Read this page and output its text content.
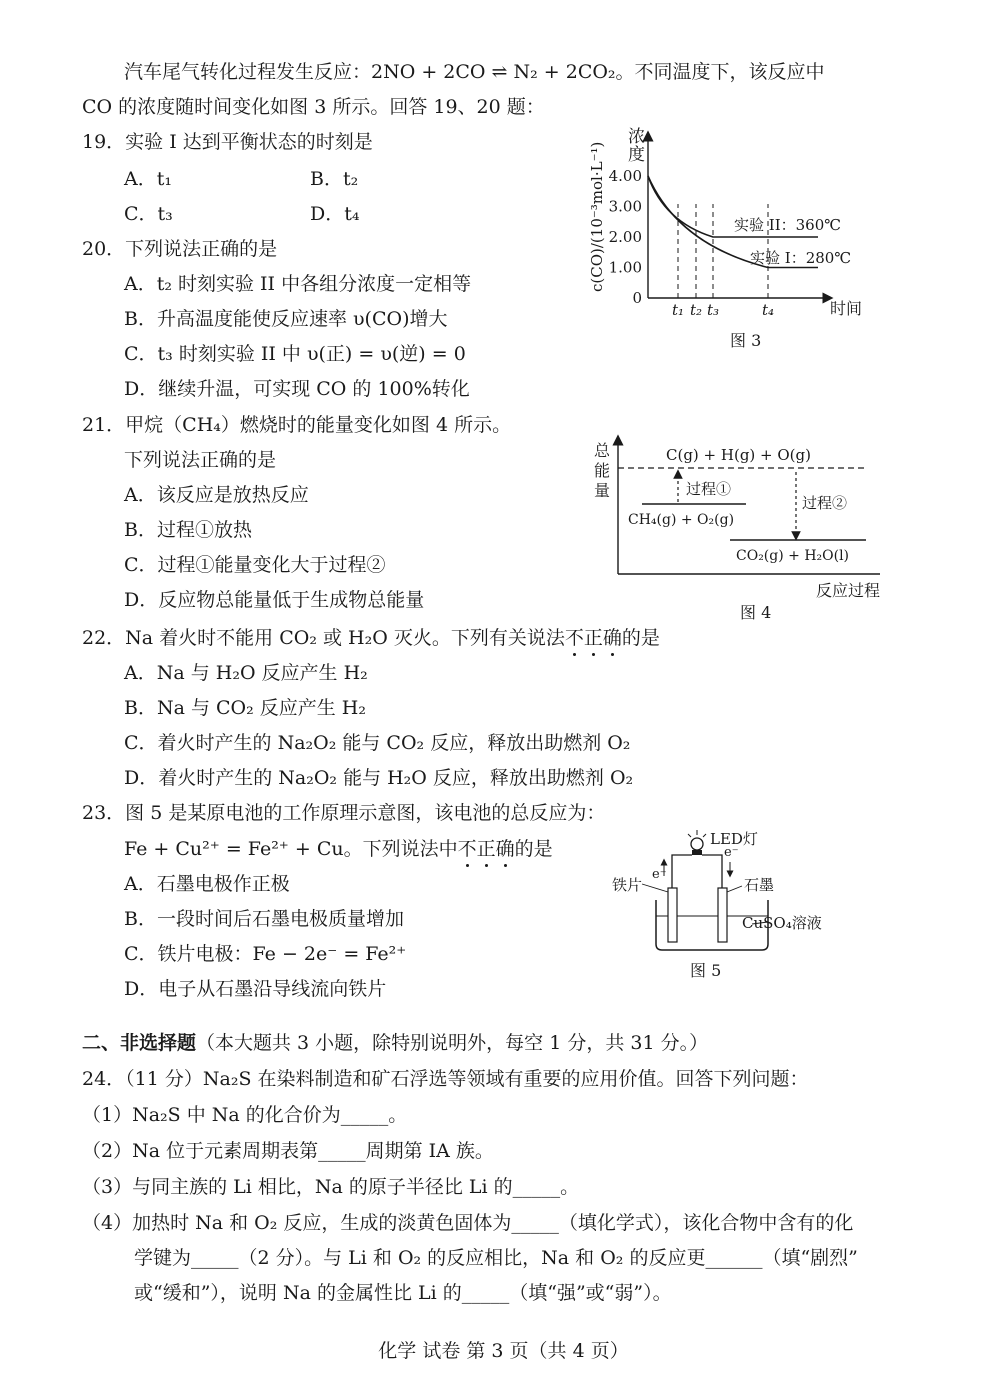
汽车尾气转化过程发生反应：2NO + 2CO ⇌ N₂ + 2CO₂。不同温度下，该反应中
CO 的浓度随时间变化如图 3 所示。回答 19、20 题：
19．实验 I 达到平衡状态的时刻是
A．t₁	B．t₂
C．t₃	D．t₄
20．下列说法正确的是
A．t₂ 时刻实验 II 中各组分浓度一定相等
B．升高温度能使反应速率 υ(CO)增大
C．t₃ 时刻实验 II 中 υ(正) = υ(逆) = 0
D．继续升温，可实现 CO 的 100%转化
浓
度
c(CO)/(10⁻³mol·L⁻¹)
时间
4.00
3.00
2.00
1.00
0
t₁ t₂ t₃	t₄
实验 II：360℃
实验 I：280℃
图 3
21．甲烷（CH₄）燃烧时的能量变化如图 4 所示。
下列说法正确的是
A．该反应是放热反应
B．过程①放热
C．过程①能量变化大于过程②
D．反应物总能量低于生成物总能量
总
能
量
C(g) + H(g) + O(g)
CH₄(g) + O₂(g)
过程①
过程②
CO₂(g) + H₂O(l)
反应过程
图 4
22．Na 着火时不能用 CO₂ 或 H₂O 灭火。下列有关说法不正确的是
A．Na 与 H₂O 反应产生 H₂
B．Na 与 CO₂ 反应产生 H₂
C．着火时产生的 Na₂O₂ 能与 CO₂ 反应，释放出助燃剂 O₂
D．着火时产生的 Na₂O₂ 能与 H₂O 反应，释放出助燃剂 O₂
23．图 5 是某原电池的工作原理示意图，该电池的总反应为：
Fe + Cu²⁺ = Fe²⁺ + Cu。下列说法中不正确的是
A．石墨电极作正极
B．一段时间后石墨电极质量增加
C．铁片电极：Fe − 2e⁻ = Fe²⁺
D．电子从石墨沿导线流向铁片
LED灯
e⁻
e⁻
铁片	石墨
CuSO₄溶液
图 5
二、非选择题（本大题共 3 小题，除特别说明外，每空 1 分，共 31 分。）
24．（11 分）Na₂S 在染料制造和矿石浮选等领域有重要的应用价值。回答下列问题：
（1）Na₂S 中 Na 的化合价为_____。
（2）Na 位于元素周期表第_____周期第 IA 族。
（3）与同主族的 Li 相比，Na 的原子半径比 Li 的_____。
（4）加热时 Na 和 O₂ 反应，生成的淡黄色固体为_____（填化学式），该化合物中含有的化
学键为_____（2 分）。与 Li 和 O₂ 的反应相比，Na 和 O₂ 的反应更______（填“剧烈”
或“缓和”），说明 Na 的金属性比 Li 的_____（填“强”或“弱”）。
化学 试卷 第 3 页（共 4 页）
